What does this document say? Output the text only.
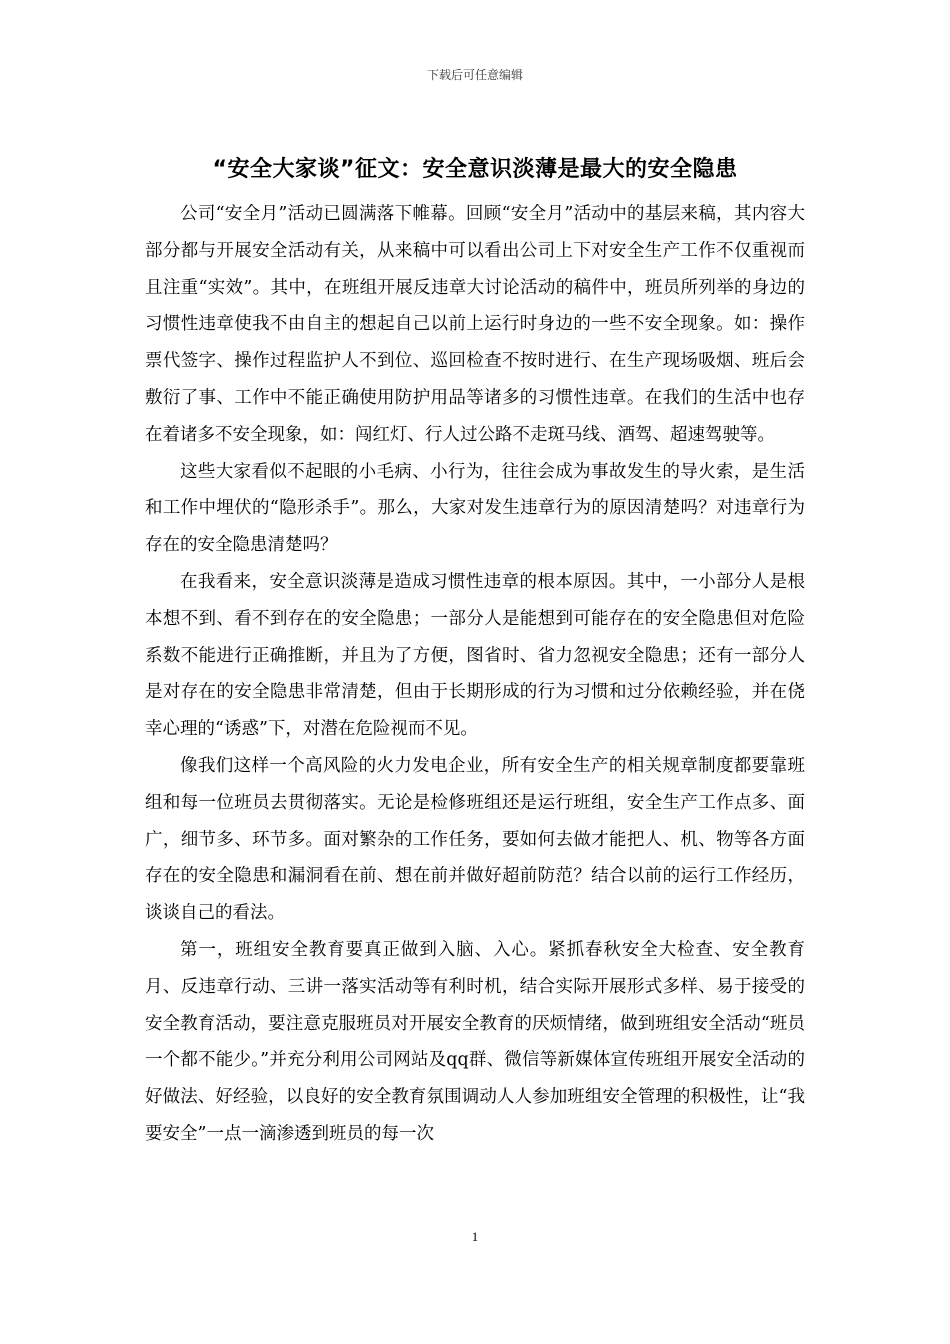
下载后可任意编辑
“安全大家谈”征文：安全意识淡薄是最大的安全隐患

公司“安全月”活动已圆满落下帷幕。回顾“安全月”活动中的基层来稿，其内容大部分都与开展安全活动有关，从来稿中可以看出公司上下对安全生产工作不仅重视而且注重“实效”。其中，在班组开展反违章大讨论活动的稿件中，班员所列举的身边的习惯性违章使我不由自主的想起自己以前上运行时身边的一些不安全现象。如：操作票代签字、操作过程监护人不到位、巡回检查不按时进行、在生产现场吸烟、班后会敷衍了事、工作中不能正确使用防护用品等诸多的习惯性违章。在我们的生活中也存在着诸多不安全现象，如：闯红灯、行人过公路不走斑马线、酒驾、超速驾驶等。

这些大家看似不起眼的小毛病、小行为，往往会成为事故发生的导火索，是生活和工作中埋伏的“隐形杀手”。那么，大家对发生违章行为的原因清楚吗？对违章行为存在的安全隐患清楚吗？

在我看来，安全意识淡薄是造成习惯性违章的根本原因。其中，一小部分人是根本想不到、看不到存在的安全隐患；一部分人是能想到可能存在的安全隐患但对危险系数不能进行正确推断，并且为了方便，图省时、省力忽视安全隐患；还有一部分人是对存在的安全隐患非常清楚，但由于长期形成的行为习惯和过分依赖经验，并在侥幸心理的“诱惑”下，对潜在危险视而不见。

像我们这样一个高风险的火力发电企业，所有安全生产的相关规章制度都要靠班组和每一位班员去贯彻落实。无论是检修班组还是运行班组，安全生产工作点多、面广，细节多、环节多。面对繁杂的工作任务，要如何去做才能把人、机、物等各方面存在的安全隐患和漏洞看在前、想在前并做好超前防范？结合以前的运行工作经历，谈谈自己的看法。

第一，班组安全教育要真正做到入脑、入心。紧抓春秋安全大检查、安全教育月、反违章行动、三讲一落实活动等有利时机，结合实际开展形式多样、易于接受的安全教育活动，要注意克服班员对开展安全教育的厌烦情绪，做到班组安全活动“班员一个都不能少。”并充分利用公司网站及qq群、微信等新媒体宣传班组开展安全活动的好做法、好经验，以良好的安全教育氛围调动人人参加班组安全管理的积极性，让“我要安全”一点一滴渗透到班员的每一次

1
